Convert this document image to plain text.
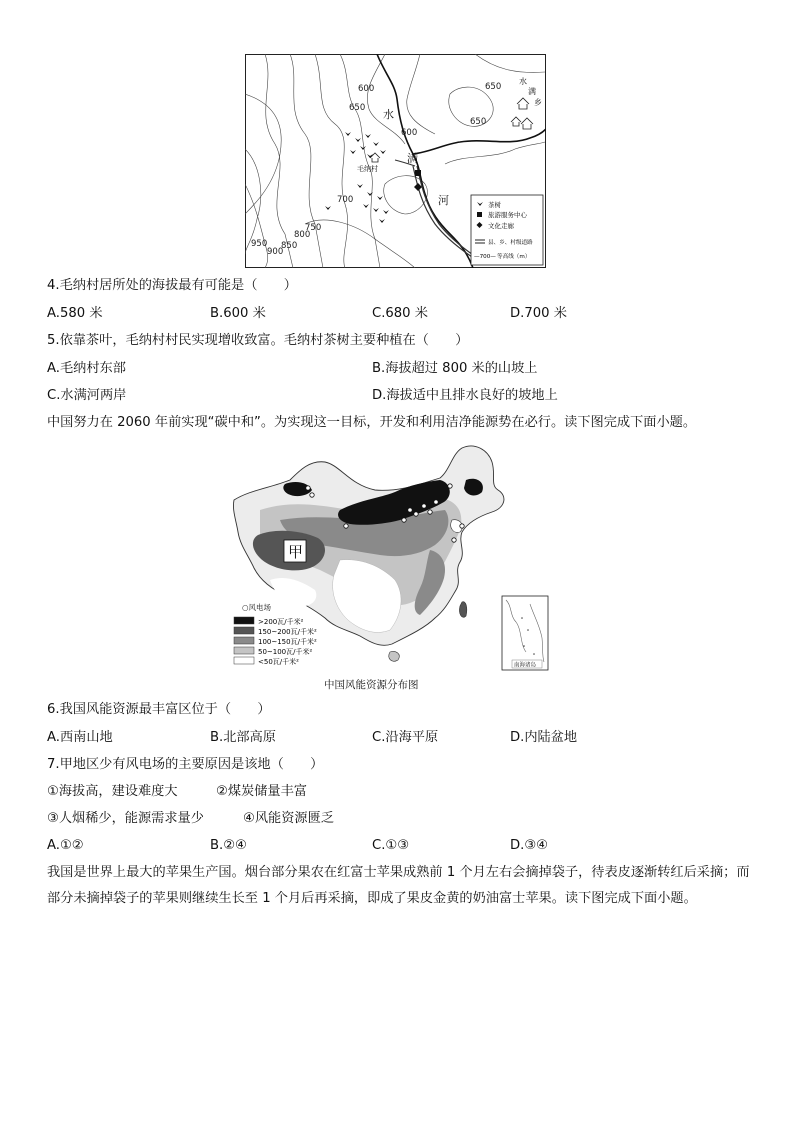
600
650
600
650
700
750
800
850
900
950
650
水
满
河
水
满
乡
毛纳村
茶树
旅游服务中心
文化走廊
县、乡、村级道路
—700— 等高线（m）
4.毛纳村居所处的海拔最有可能是（　　）
A.580 米	B.600 米	C.680 米	D.700 米
5.依靠茶叶，毛纳村村民实现增收致富。毛纳村茶树主要种植在（　　）
A.毛纳村东部	B.海拔超过 800 米的山坡上
C.水满河两岸	D.海拔适中且排水良好的坡地上
中国努力在 2060 年前实现“碳中和”。为实现这一目标，开发和利用洁净能源势在必行。读下图完成下面小题。
甲
○风电场
>200瓦/千米²
150~200瓦/千米²
100~150瓦/千米²
50~100瓦/千米²
<50瓦/千米²	南海诸岛
中国风能资源分布图
6.我国风能资源最丰富区位于（　　）
A.西南山地	B.北部高原	C.沿海平原	D.内陆盆地
7.甲地区少有风电场的主要原因是该地（　　）
①海拔高，建设难度大	②煤炭储量丰富
③人烟稀少，能源需求量少	④风能资源匮乏
A.①②	B.②④	C.①③	D.③④
我国是世界上最大的苹果生产国。烟台部分果农在红富士苹果成熟前 1 个月左右会摘掉袋子，待表皮逐渐转红后采摘；而部分未摘掉袋子的苹果则继续生长至 1 个月后再采摘，即成了果皮金黄的奶油富士苹果。读下图完成下面小题。
